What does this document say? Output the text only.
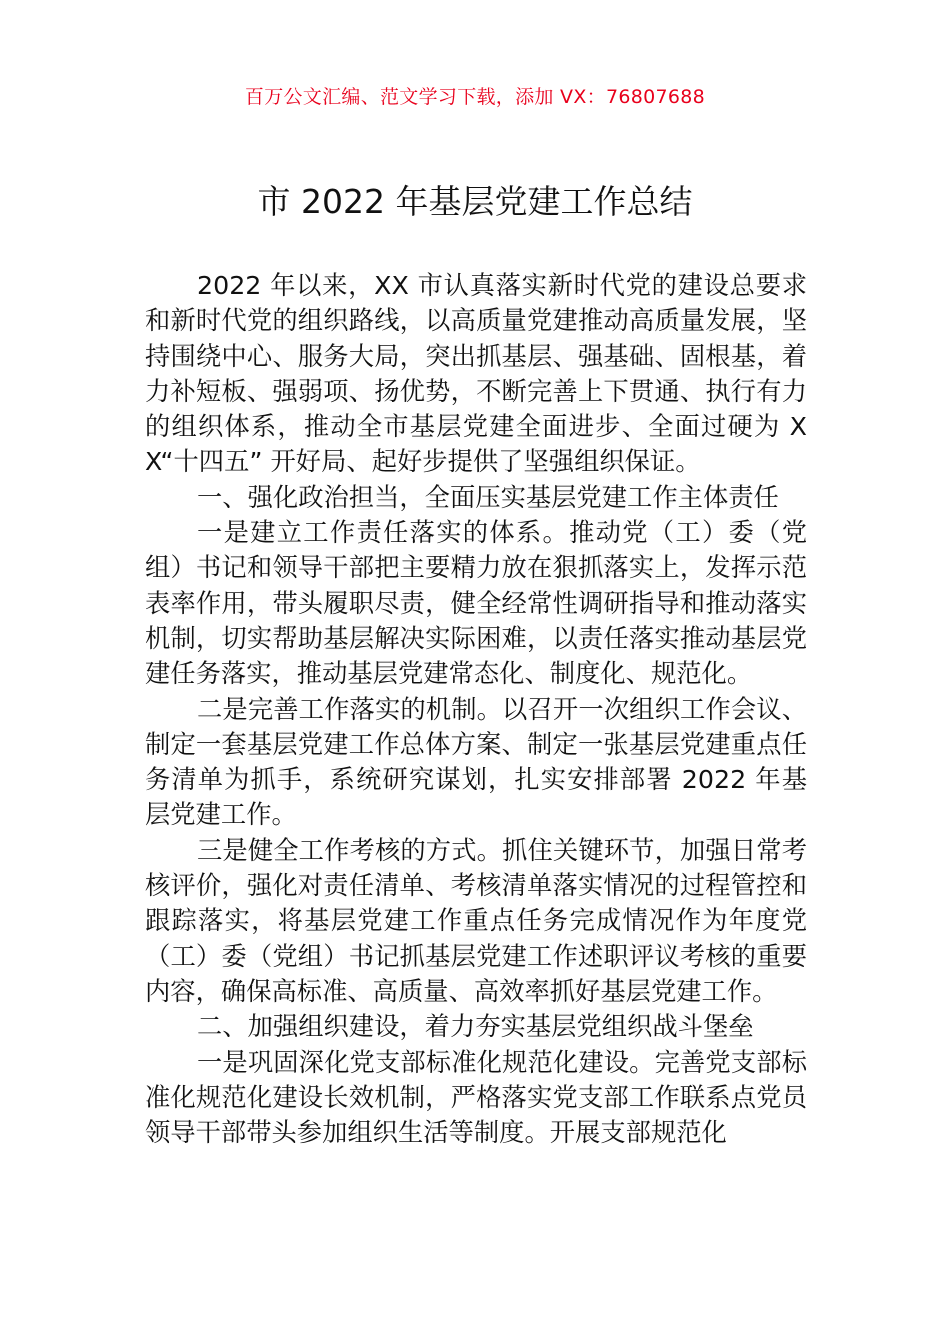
百万公文汇编、范文学习下载，添加 VX：76807688
市 2022 年基层党建工作总结

2022 年以来，XX 市认真落实新时代党的建设总要求和新时代党的组织路线，以高质量党建推动高质量发展，坚持围绕中心、服务大局，突出抓基层、强基础、固根基，着力补短板、强弱项、扬优势，不断完善上下贯通、执行有力的组织体系，推动全市基层党建全面进步、全面过硬为 XX“十四五” 开好局、起好步提供了坚强组织保证。

一、强化政治担当，全面压实基层党建工作主体责任

一是建立工作责任落实的体系。推动党（工）委（党组）书记和领导干部把主要精力放在狠抓落实上，发挥示范表率作用，带头履职尽责，健全经常性调研指导和推动落实机制，切实帮助基层解决实际困难，以责任落实推动基层党建任务落实，推动基层党建常态化、制度化、规范化。

二是完善工作落实的机制。以召开一次组织工作会议、制定一套基层党建工作总体方案、制定一张基层党建重点任务清单为抓手，系统研究谋划，扎实安排部署 2022 年基层党建工作。

三是健全工作考核的方式。抓住关键环节，加强日常考核评价，强化对责任清单、考核清单落实情况的过程管控和跟踪落实，将基层党建工作重点任务完成情况作为年度党（工）委（党组）书记抓基层党建工作述职评议考核的重要内容，确保高标准、高质量、高效率抓好基层党建工作。

二、加强组织建设，着力夯实基层党组织战斗堡垒

一是巩固深化党支部标准化规范化建设。完善党支部标准化规范化建设长效机制，严格落实党支部工作联系点党员领导干部带头参加组织生活等制度。开展支部规范化
